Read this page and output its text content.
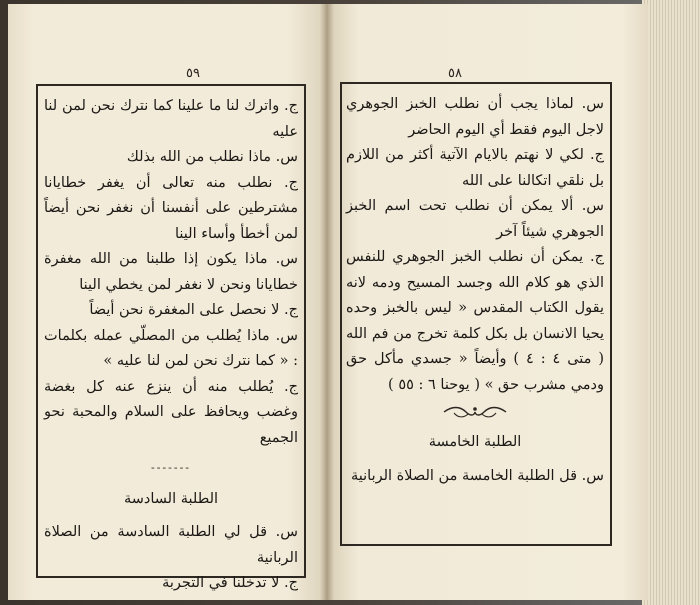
٥٩

ج. واترك لنا ما علينا كما نترك نحن لمن لنا عليه

س. ماذا نطلب من الله بذلك

ج. نطلب منه تعالى أن يغفر خطايانا مشترطين على أنفسنا أن نغفر نحن أيضاً لمن أخطأ وأساء الينا

س. ماذا يكون إذا طلبنا من الله مغفرة خطايانا ونحن لا نغفر لمن يخطي الينا

ج. لا نحصل على المغفرة نحن أيضاً

س. ماذا يُطلب من المصلّي عمله بكلمات : « كما نترك نحن لمن لنا عليه »

ج. يُطلب منه أن ينزع عنه كل بغضة وغضب ويحافظ على السلام والمحبة نحو الجميع

-------
الطلبة السادسة

س. قل لي الطلبة السادسة من الصلاة الربانية

ج. لا تدخلنا في التجربة

٥٨

س. لماذا يجب أن نطلب الخبز الجوهري لاجل اليوم فقط أي اليوم الحاضر

ج. لكي لا نهتم بالايام الآتية أكثر من اللازم بل نلقي اتكالنا على الله

س. ألا يمكن أن نطلب تحت اسم الخبز الجوهري شيئاً آخر

ج. يمكن أن نطلب الخبز الجوهري للنفس الذي هو كلام الله وجسد المسيح ودمه لانه يقول الكتاب المقدس « ليس بالخبز وحده يحيا الانسان بل بكل كلمة تخرج من فم الله ( متى ٤ : ٤ ) وأيضاً « جسدي مأكل حق ودمي مشرب حق » ( يوحنا ٦ : ٥٥ )

الطلبة الخامسة

س. قل الطلبة الخامسة من الصلاة الربانية
